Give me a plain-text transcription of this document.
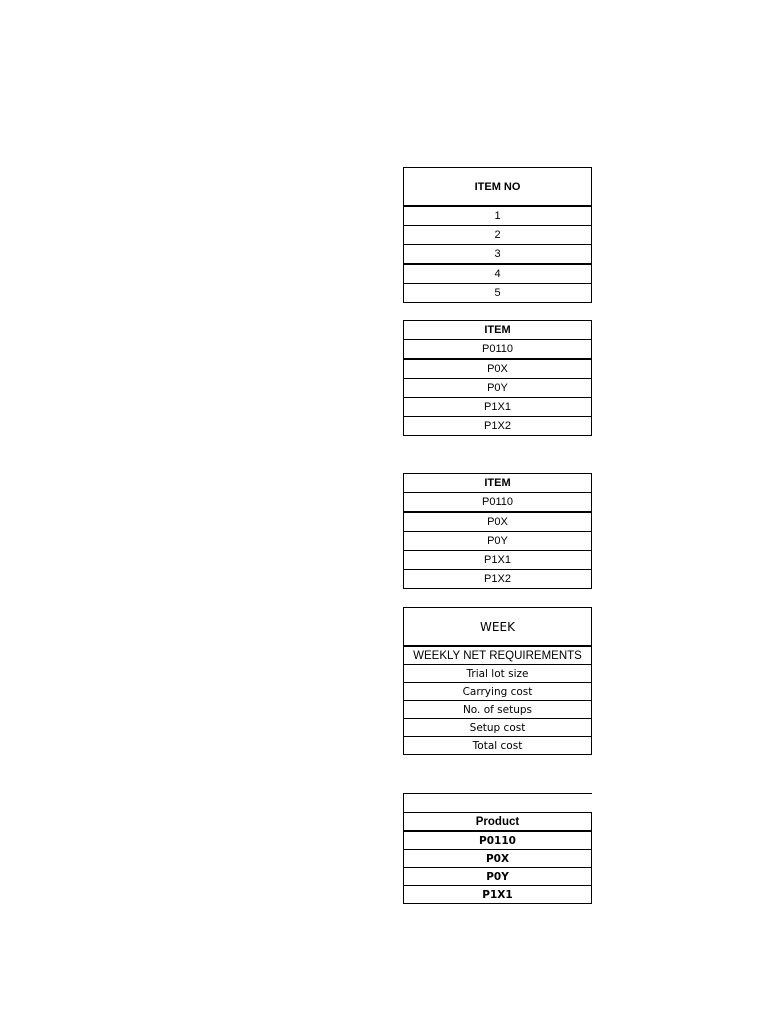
ITEM NO
1
2
3
4
5
ITEM
P0110
P0X
P0Y
P1X1
P1X2
ITEM
P0110
P0X
P0Y
P1X1
P1X2
WEEK
WEEKLY NET REQUIREMENTS
Trial lot size
Carrying cost
No. of setups
Setup cost
Total cost

Product
P0110
P0X
P0Y
P1X1
